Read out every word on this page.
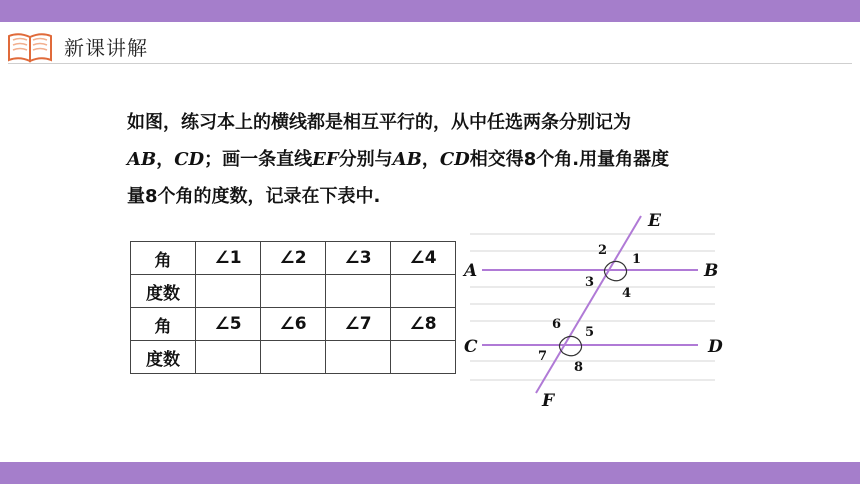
新课讲解
如图，练习本上的横线都是相互平行的，从中任选两条分别记为
AB，CD；画一条直线EF分别与AB，CD相交得8个角.用量角器度
量8个角的度数，记录在下表中.
角	∠1	∠2	∠3	∠4
度数				
角	∠5	∠6	∠7	∠8
度数				
E
A	B
C	D
F
1
2
3
4
5
6
7
8
